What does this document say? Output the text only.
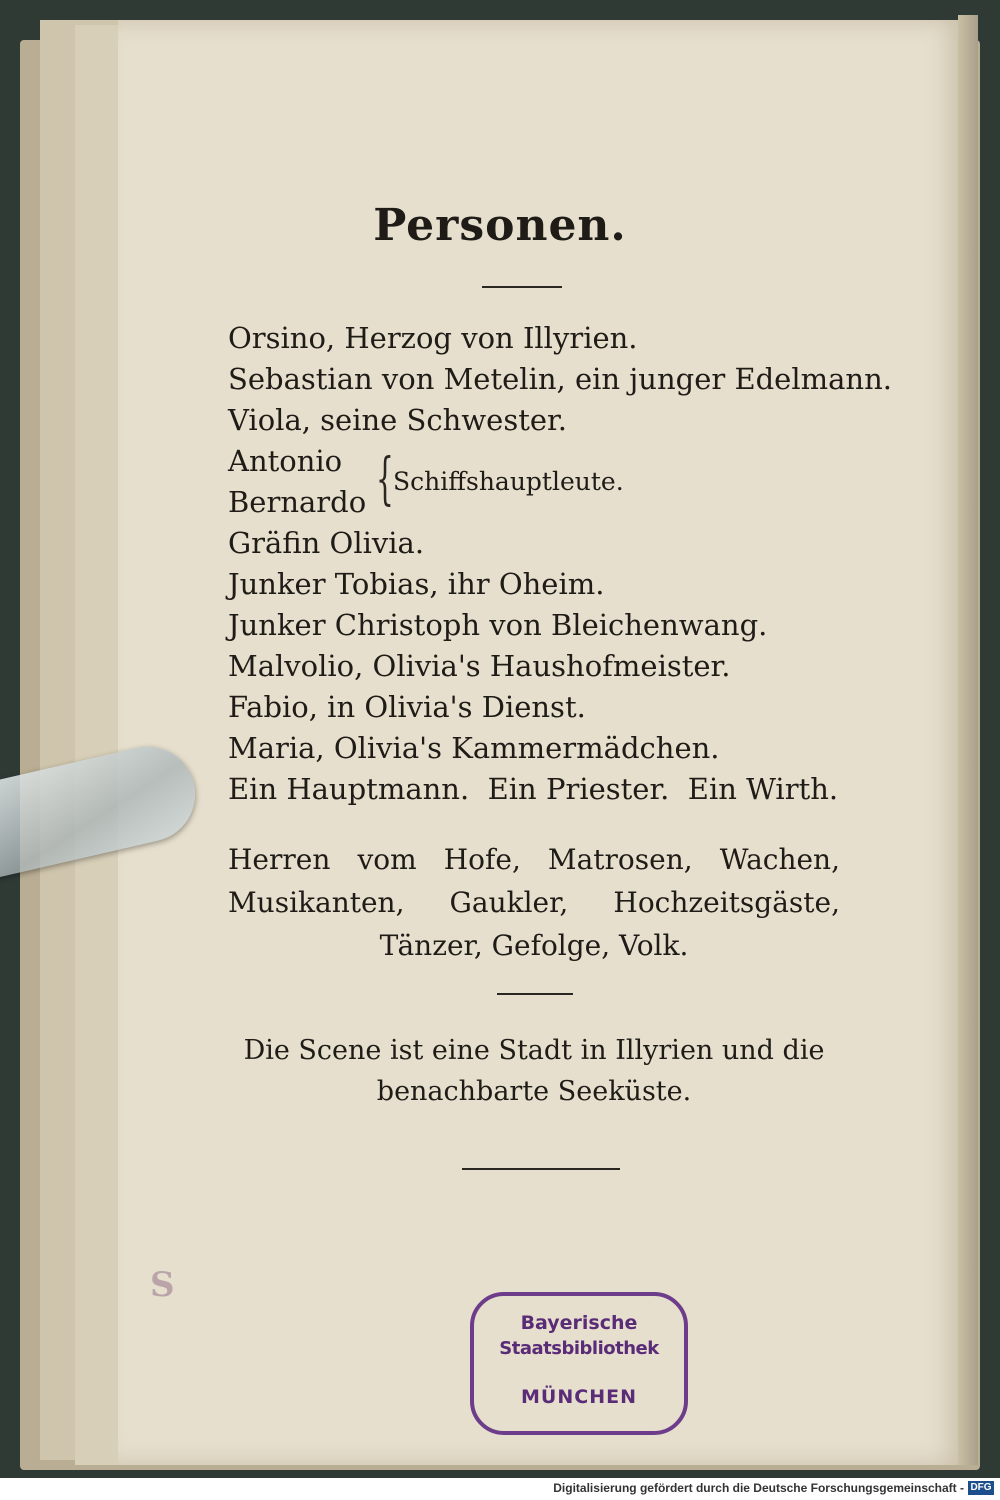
S
Personen.
Orsino, Herzog von Illyrien.
Sebastian von Metelin, ein junger Edelmann.
Viola, seine Schwester.
Antonio
Bernardo { Schiffshauptleute.
Gräfin Olivia.
Junker Tobias, ihr Oheim.
Junker Christoph von Bleichenwang.
Malvolio, Olivia's Haushofmeister.
Fabio, in Olivia's Dienst.
Maria, Olivia's Kammermädchen.
Ein Hauptmann.  Ein Priester.  Ein Wirth.
Herren vom Hofe, Matrosen, Wachen, Musikanten, Gaukler, Hochzeitsgäste, Tänzer, Gefolge, Volk.
Die Scene ist eine Stadt in Illyrien und die benachbarte Seeküste.
Bayerische
Staatsbibliothek
MÜNCHEN
Digitalisierung gefördert durch die Deutsche Forschungsgemeinschaft - DFG
